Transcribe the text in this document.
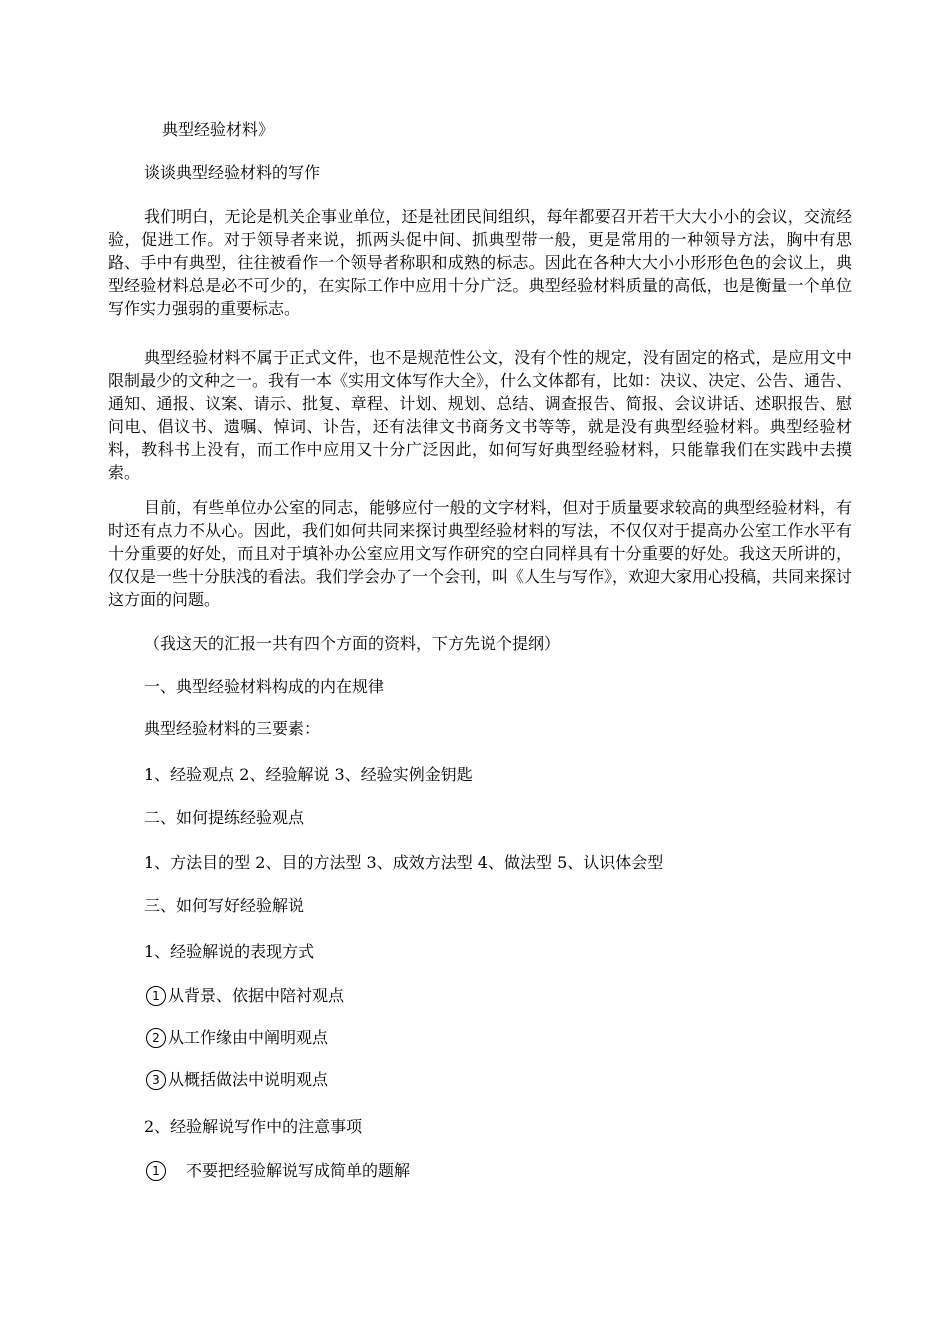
典型经验材料》
谈谈典型经验材料的写作
我们明白，无论是机关企事业单位，还是社团民间组织，每年都要召开若干大大小小的会议，交流经验，促进工作。对于领导者来说，抓两头促中间、抓典型带一般，更是常用的一种领导方法，胸中有思路、手中有典型，往往被看作一个领导者称职和成熟的标志。因此在各种大大小小形形色色的会议上，典型经验材料总是必不可少的，在实际工作中应用十分广泛。典型经验材料质量的高低，也是衡量一个单位写作实力强弱的重要标志。
典型经验材料不属于正式文件，也不是规范性公文，没有个性的规定，没有固定的格式，是应用文中限制最少的文种之一。我有一本《实用文体写作大全》，什么文体都有，比如：决议、决定、公告、通告、通知、通报、议案、请示、批复、章程、计划、规划、总结、调查报告、简报、会议讲话、述职报告、慰问电、倡议书、遗嘱、悼词、讣告，还有法律文书商务文书等等，就是没有典型经验材料。典型经验材料，教科书上没有，而工作中应用又十分广泛因此，如何写好典型经验材料，只能靠我们在实践中去摸索。
目前，有些单位办公室的同志，能够应付一般的文字材料，但对于质量要求较高的典型经验材料，有时还有点力不从心。因此，我们如何共同来探讨典型经验材料的写法，不仅仅对于提高办公室工作水平有十分重要的好处，而且对于填补办公室应用文写作研究的空白同样具有十分重要的好处。我这天所讲的，仅仅是一些十分肤浅的看法。我们学会办了一个会刊，叫《人生与写作》，欢迎大家用心投稿，共同来探讨这方面的问题。
（我这天的汇报一共有四个方面的资料，下方先说个提纲）
一、典型经验材料构成的内在规律
典型经验材料的三要素：
1、经验观点 2、经验解说 3、经验实例金钥匙
二、如何提练经验观点
1、方法目的型 2、目的方法型 3、成效方法型 4、做法型 5、认识体会型
三、如何写好经验解说
1、经验解说的表现方式
1 从背景、依据中陪衬观点
2 从工作缘由中阐明观点
3 从概括做法中说明观点
2、经验解说写作中的注意事项
1 不要把经验解说写成简单的题解
